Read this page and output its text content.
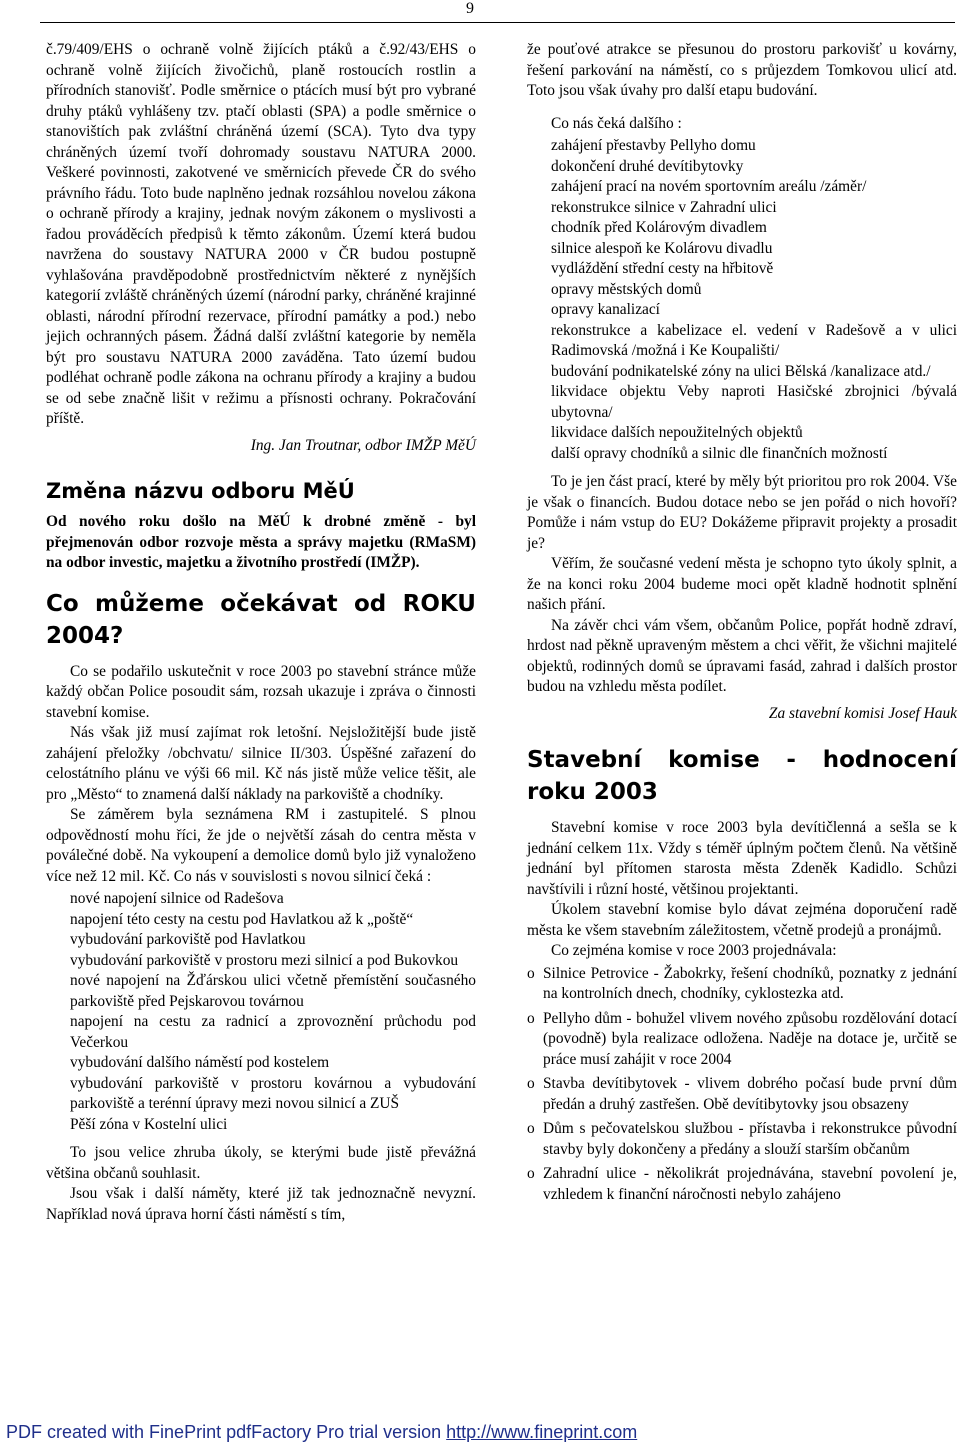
9

č.79/409/EHS o ochraně volně žijících ptáků a č.92/43/EHS o ochraně volně žijících živočichů, planě rostoucích rostlin a přírodních stanovišť. Podle směrnice o ptácích musí být pro vybrané druhy ptáků vyhlášeny tzv. ptačí oblasti (SPA) a podle směrnice o stanovištích pak zvláštní chráněná území (SCA). Tyto dva typy chráněných území tvoří dohromady soustavu NATURA 2000. Veškeré povinnosti, zakotvené ve směrnicích převede ČR do svého právního řádu. Toto bude naplněno jednak rozsáhlou novelou zákona o ochraně přírody a krajiny, jednak novým zákonem o myslivosti a řadou prováděcích předpisů k těmto zákonům. Území která budou navržena do soustavy NATURA 2000 v ČR budou postupně vyhlašována pravděpodobně prostřednictvím některé z nynějších kategorií zvláště chráněných území (národní parky, chráněné krajinné oblasti, národní přírodní rezervace, přírodní památky a pod.) nebo jejich ochranných pásem. Žádná další zvláštní kategorie by neměla být pro soustavu NATURA 2000 zaváděna. Tato území budou podléhat ochraně podle zákona na ochranu přírody a krajiny a budou se od sebe značně lišit v režimu a přísnosti ochrany. Pokračování příště.

Ing. Jan Troutnar, odbor IMŽP MěÚ

Změna názvu odboru MěÚ

Od nového roku došlo na MěÚ k drobné změně - byl přejmenován odbor rozvoje města a správy majetku (RMaSM) na odbor investic, majetku a životního prostředí (IMŽP).

Co můžeme očekávat od ROKU 2004?

Co se podařilo uskutečnit v roce 2003 po stavební stránce může každý občan Police posoudit sám, rozsah ukazuje i zpráva o činnosti stavební komise.

Nás však již musí zajímat rok letošní. Nejsložitější bude jistě zahájení přeložky /obchvatu/ silnice II/303. Úspěšné zařazení do celostátního plánu ve výši 66 mil. Kč nás jistě může velice těšit, ale pro „Město“ to znamená další náklady na parkoviště a chodníky.

Se záměrem byla seznámena RM i zastupitelé. S plnou odpovědností mohu říci, že jde o největší zásah do centra města v poválečné době. Na vykoupení a demolice domů bylo již vynaloženo více než 12 mil. Kč. Co nás v souvislosti s novou silnicí čeká :

nové napojení silnice od Radešova
napojení této cesty na cestu pod Havlatkou až k „poště“
vybudování parkoviště pod Havlatkou
vybudování parkoviště v prostoru mezi silnicí a pod Bukovkou
nové napojení na Žďárskou ulici včetně přemístění současného parkoviště před Pejskarovou továrnou
napojení na cestu za radnicí a zprovoznění průchodu pod Večerkou
vybudování dalšího náměstí pod kostelem
vybudování parkoviště v prostoru kovárnou a vybudování parkoviště a terénní úpravy mezi novou silnicí a ZUŠ
Pěší zóna v Kostelní ulici

To jsou velice zhruba úkoly, se kterými bude jistě převážná většina občanů souhlasit.

Jsou však i další náměty, které již tak jednoznačně nevyzní. Například nová úprava horní části náměstí s tím,

že pouťové atrakce se přesunou do prostoru parkovišť u kovárny, řešení parkování na náměstí, co s průjezdem Tomkovou ulicí atd. Toto jsou však úvahy pro další etapu budování.

Co nás čeká dalšího :

zahájení přestavby Pellyho domu
dokončení druhé devítibytovky
zahájení prací na novém sportovním areálu /záměr/
rekonstrukce silnice v Zahradní ulici
chodník před Kolárovým divadlem
silnice alespoň ke Kolárovu divadlu
vydláždění střední cesty na hřbitově
opravy městských domů
opravy kanalizací
rekonstrukce a kabelizace el. vedení v Radešově a v ulici Radimovská /možná i Ke Koupališti/
budování podnikatelské zóny na ulici Bělská /kanalizace atd./
likvidace objektu Veby naproti Hasičské zbrojnici /bývalá ubytovna/
likvidace dalších nepoužitelných objektů
další opravy chodníků a silnic dle finančních možností

To je jen část prací, které by měly být prioritou pro rok 2004. Vše je však o financích. Budou dotace nebo se jen pořád o nich hovoří? Pomůže i nám vstup do EU? Dokážeme připravit projekty a prosadit je?

Věřím, že současné vedení města je schopno tyto úkoly splnit, a že na konci roku 2004 budeme moci opět kladně hodnotit splnění našich přání.

Na závěr chci vám všem, občanům Police, popřát hodně zdraví, hrdost nad pěkně upraveným městem a chci věřit, že všichni majitelé objektů, rodinných domů se úpravami fasád, zahrad i dalších prostor budou na vzhledu města podílet.

Za stavební komisi Josef Hauk

Stavební komise - hodnocení roku 2003

Stavební komise v roce 2003 byla devítičlenná a sešla se k jednání celkem 11x. Vždy s téměř úplným počtem členů. Na většině jednání byl přítomen starosta města Zdeněk Kadidlo. Schůzi navštívili i různí hosté, většinou projektanti.

Úkolem stavební komise bylo dávat zejména doporučení radě města ke všem stavebním záležitostem, včetně prodejů a pronájmů.

Co zejména komise v roce 2003 projednávala:

o Silnice Petrovice - Žabokrky, řešení chodníků, poznatky z jednání na kontrolních dnech, chodníky, cyklostezka atd.
o Pellyho dům - bohužel vlivem nového způsobu rozdělování dotací (povodně) byla realizace odložena. Naděje na dotace je, určitě se práce musí zahájit v roce 2004
o Stavba devítibytovek - vlivem dobrého počasí bude první dům předán a druhý zastřešen. Obě devítibytovky jsou obsazeny
o Dům s pečovatelskou službou - přístavba i rekonstrukce původní stavby byly dokončeny a předány a slouží starším občanům
o Zahradní ulice - několikrát projednávána, stavební povolení je, vzhledem k finanční náročnosti nebylo zahájeno
PDF created with FinePrint pdfFactory Pro trial version http://www.fineprint.com
